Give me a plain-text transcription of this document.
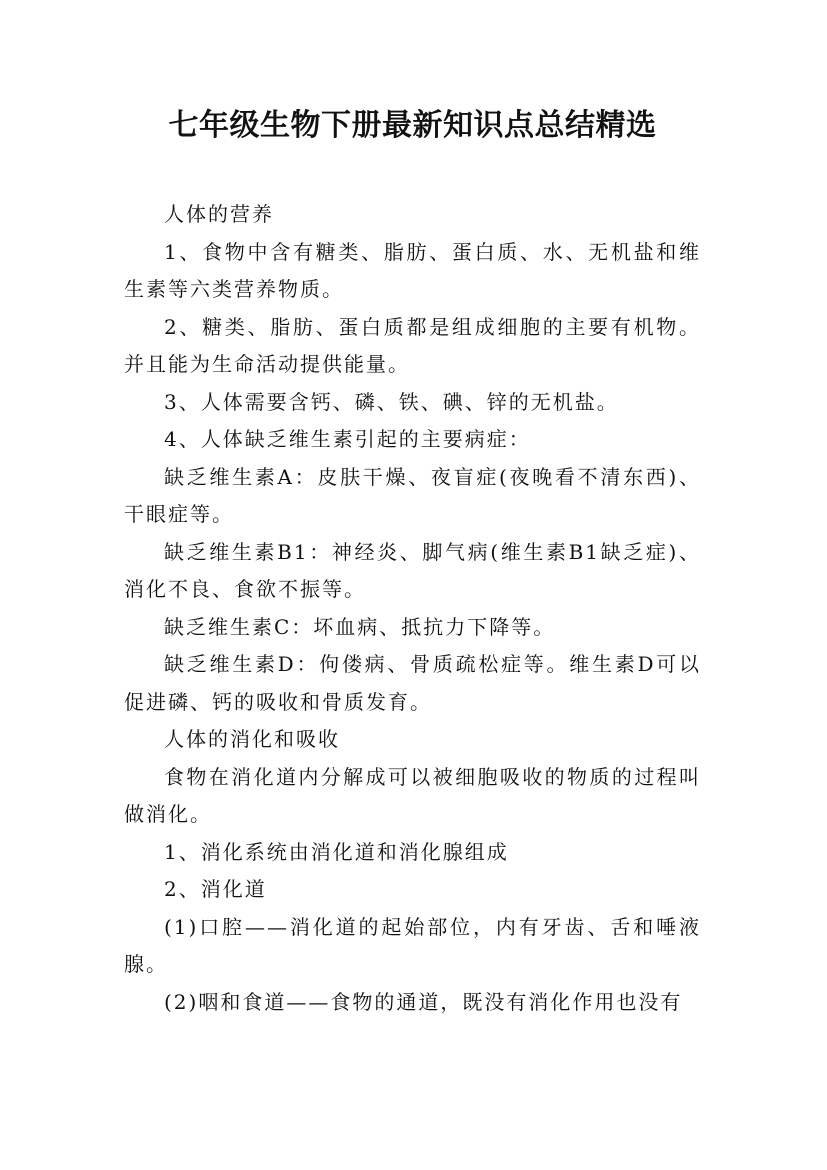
七年级生物下册最新知识点总结精选

人体的营养

1、食物中含有糖类、脂肪、蛋白质、水、无机盐和维生素等六类营养物质。

2、糖类、脂肪、蛋白质都是组成细胞的主要有机物。并且能为生命活动提供能量。

3、人体需要含钙、磷、铁、碘、锌的无机盐。

4、人体缺乏维生素引起的主要病症：

缺乏维生素A：皮肤干燥、夜盲症(夜晚看不清东西)、干眼症等。

缺乏维生素B1：神经炎、脚气病(维生素B1缺乏症)、消化不良、食欲不振等。

缺乏维生素C：坏血病、抵抗力下降等。

缺乏维生素D：佝偻病、骨质疏松症等。维生素D可以促进磷、钙的吸收和骨质发育。

人体的消化和吸收

食物在消化道内分解成可以被细胞吸收的物质的过程叫做消化。

1、消化系统由消化道和消化腺组成

2、消化道

(1)口腔——消化道的起始部位，内有牙齿、舌和唾液腺。

(2)咽和食道——食物的通道，既没有消化作用也没有
